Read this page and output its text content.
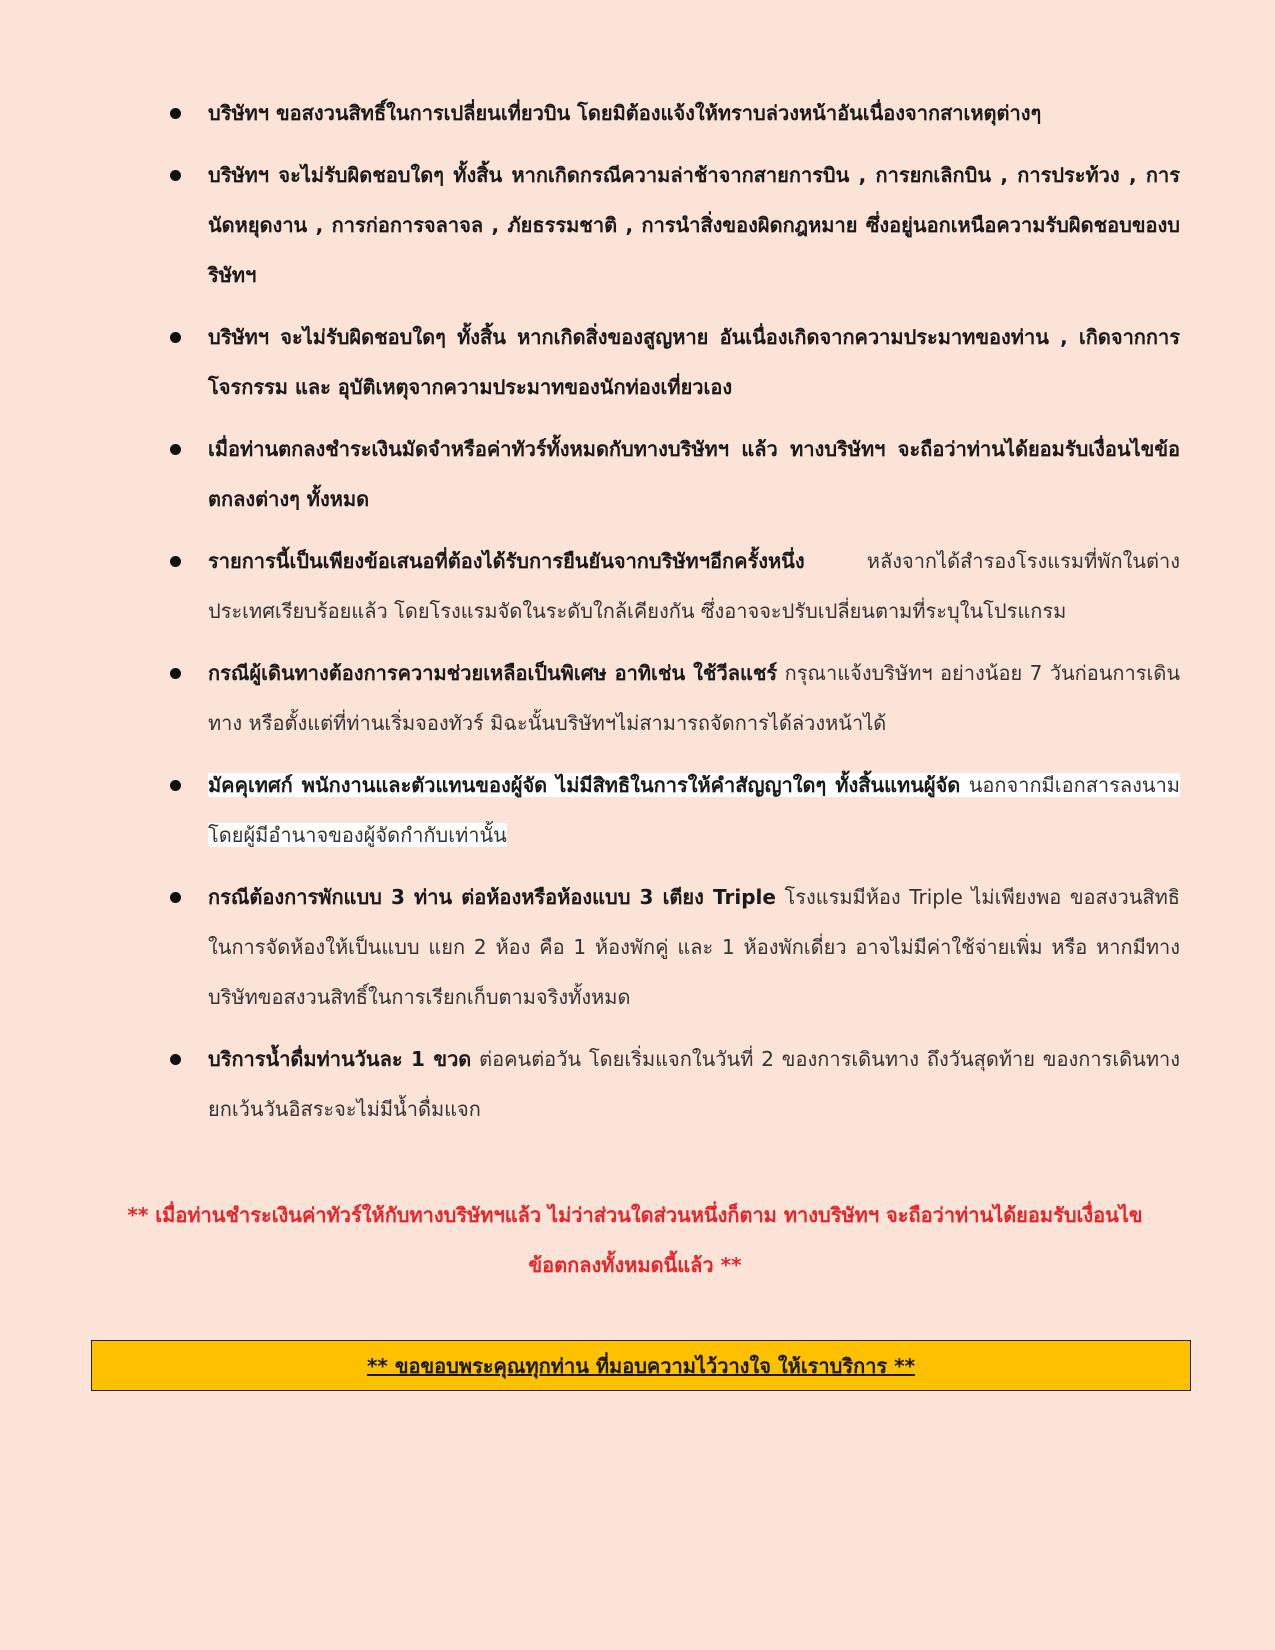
บริษัทฯ ขอสงวนสิทธิ์ในการเปลี่ยนเที่ยวบิน โดยมิต้องแจ้งให้ทราบล่วงหน้าอันเนื่องจากสาเหตุต่างๆ
บริษัทฯ จะไม่รับผิดชอบใดๆ ทั้งสิ้น หากเกิดกรณีความล่าช้าจากสายการบิน , การยกเลิกบิน , การประท้วง , การนัดหยุดงาน , การก่อการจลาจล , ภัยธรรมชาติ , การนำสิ่งของผิดกฎหมาย ซึ่งอยู่นอกเหนือความรับผิดชอบของบริษัทฯ
บริษัทฯ จะไม่รับผิดชอบใดๆ ทั้งสิ้น หากเกิดสิ่งของสูญหาย อันเนื่องเกิดจากความประมาทของท่าน , เกิดจากการโจรกรรม และ อุบัติเหตุจากความประมาทของนักท่องเที่ยวเอง
เมื่อท่านตกลงชำระเงินมัดจำหรือค่าทัวร์ทั้งหมดกับทางบริษัทฯ แล้ว ทางบริษัทฯ จะถือว่าท่านได้ยอมรับเงื่อนไขข้อตกลงต่างๆ ทั้งหมด
รายการนี้เป็นเพียงข้อเสนอที่ต้องได้รับการยืนยันจากบริษัทฯอีกครั้งหนึ่ง หลังจากได้สำรองโรงแรมที่พักในต่างประเทศเรียบร้อยแล้ว โดยโรงแรมจัดในระดับใกล้เคียงกัน ซึ่งอาจจะปรับเปลี่ยนตามที่ระบุในโปรแกรม
กรณีผู้เดินทางต้องการความช่วยเหลือเป็นพิเศษ อาทิเช่น ใช้วีลแชร์ กรุณาแจ้งบริษัทฯ อย่างน้อย 7 วันก่อนการเดินทาง หรือตั้งแต่ที่ท่านเริ่มจองทัวร์ มิฉะนั้นบริษัทฯไม่สามารถจัดการได้ล่วงหน้าได้
มัคคุเทศก์ พนักงานและตัวแทนของผู้จัด ไม่มีสิทธิในการให้คำสัญญาใดๆ ทั้งสิ้นแทนผู้จัด นอกจากมีเอกสารลงนามโดยผู้มีอำนาจของผู้จัดกำกับเท่านั้น
กรณีต้องการพักแบบ 3 ท่าน ต่อห้องหรือห้องแบบ 3 เตียง Triple โรงแรมมีห้อง Triple ไม่เพียงพอ ขอสงวนสิทธิในการจัดห้องให้เป็นแบบ แยก 2 ห้อง คือ 1 ห้องพักคู่ และ 1 ห้องพักเดี่ยว อาจไม่มีค่าใช้จ่ายเพิ่ม หรือ หากมีทางบริษัทขอสงวนสิทธิ์ในการเรียกเก็บตามจริงทั้งหมด
บริการน้ำดื่มท่านวันละ 1 ขวด ต่อคนต่อวัน โดยเริ่มแจกในวันที่ 2 ของการเดินทาง ถึงวันสุดท้าย ของการเดินทาง ยกเว้นวันอิสระจะไม่มีน้ำดื่มแจก
** เมื่อท่านชำระเงินค่าทัวร์ให้กับทางบริษัทฯแล้ว ไม่ว่าส่วนใดส่วนหนึ่งก็ตาม ทางบริษัทฯ จะถือว่าท่านได้ยอมรับเงื่อนไขข้อตกลงทั้งหมดนี้แล้ว **
** ขอขอบพระคุณทุกท่าน ที่มอบความไว้วางใจ ให้เราบริการ **
